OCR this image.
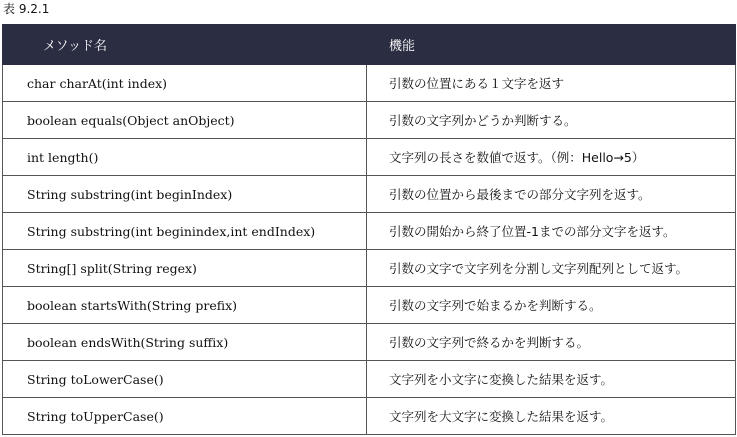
表 9.2.1
メソッド名	機能
char charAt(int index)	引数の位置にある１文字を返す
boolean equals(Object anObject)	引数の文字列かどうか判断する。
int length()	文字列の長さを数値で返す。（例：Hello→5）
String substring(int beginIndex)	引数の位置から最後までの部分文字列を返す。
String substring(int beginindex,int endIndex)	引数の開始から終了位置-1までの部分文字を返す。
String[] split(String regex)	引数の文字で文字列を分割し文字列配列として返す。
boolean startsWith(String prefix)	引数の文字列で始まるかを判断する。
boolean endsWith(String suffix)	引数の文字列で終るかを判断する。
String toLowerCase()	文字列を小文字に変換した結果を返す。
String toUpperCase()	文字列を大文字に変換した結果を返す。
